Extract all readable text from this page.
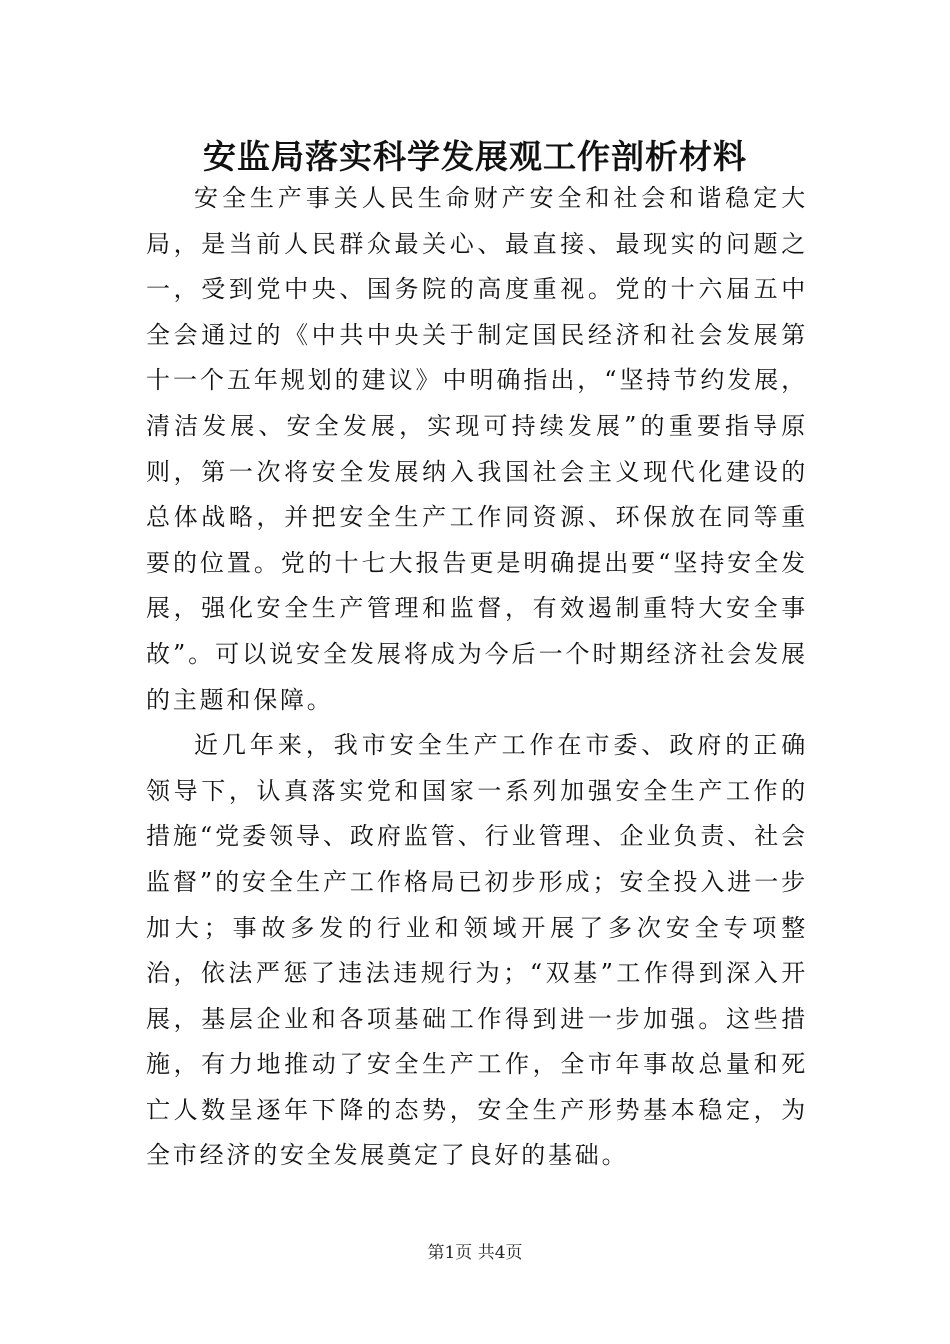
安监局落实科学发展观工作剖析材料

安全生产事关人民生命财产安全和社会和谐稳定大局，是当前人民群众最关心、最直接、最现实的问题之一，受到党中央、国务院的高度重视。党的十六届五中全会通过的《中共中央关于制定国民经济和社会发展第十一个五年规划的建议》中明确指出，“坚持节约发展，清洁发展、安全发展，实现可持续发展”的重要指导原则，第一次将安全发展纳入我国社会主义现代化建设的总体战略，并把安全生产工作同资源、环保放在同等重要的位置。党的十七大报告更是明确提出要“坚持安全发展，强化安全生产管理和监督，有效遏制重特大安全事故”。可以说安全发展将成为今后一个时期经济社会发展的主题和保障。

近几年来，我市安全生产工作在市委、政府的正确领导下，认真落实党和国家一系列加强安全生产工作的措施“党委领导、政府监管、行业管理、企业负责、社会监督”的安全生产工作格局已初步形成；安全投入进一步加大；事故多发的行业和领域开展了多次安全专项整治，依法严惩了违法违规行为；“双基”工作得到深入开展，基层企业和各项基础工作得到进一步加强。这些措施，有力地推动了安全生产工作，全市年事故总量和死亡人数呈逐年下降的态势，安全生产形势基本稳定，为全市经济的安全发展奠定了良好的基础。

第1页 共4页
